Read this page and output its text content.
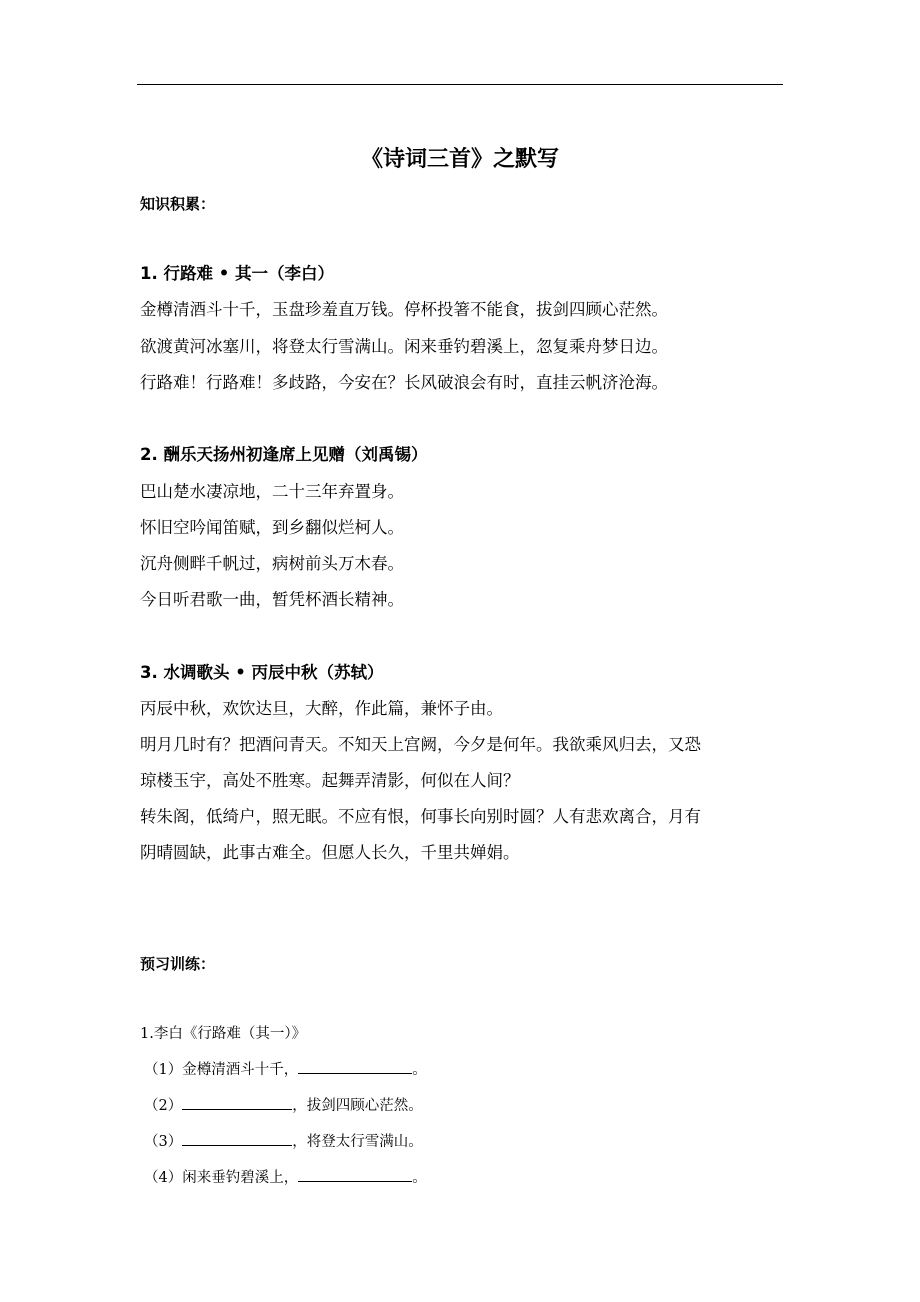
《诗词三首》之默写
知识积累：
1. 行路难 • 其一（李白）
金樽清酒斗十千，玉盘珍羞直万钱。停杯投箸不能食，拔剑四顾心茫然。
欲渡黄河冰塞川，将登太行雪满山。闲来垂钓碧溪上，忽复乘舟梦日边。
行路难！行路难！多歧路，今安在？长风破浪会有时，直挂云帆济沧海。
2. 酬乐天扬州初逢席上见赠（刘禹锡）
巴山楚水凄凉地，二十三年弃置身。
怀旧空吟闻笛赋，到乡翻似烂柯人。
沉舟侧畔千帆过，病树前头万木春。
今日听君歌一曲，暂凭杯酒长精神。
3. 水调歌头 • 丙辰中秋（苏轼）
丙辰中秋，欢饮达旦，大醉，作此篇，兼怀子由。
明月几时有？把酒问青天。不知天上宫阙，今夕是何年。我欲乘风归去，又恐
琼楼玉宇，高处不胜寒。起舞弄清影，何似在人间？
转朱阁，低绮户，照无眠。不应有恨，何事长向别时圆？人有悲欢离合，月有
阴晴圆缺，此事古难全。但愿人长久，千里共婵娟。
预习训练：
1.李白《行路难（其一）》
（1）金樽清酒斗十千，	。
（2）	，拔剑四顾心茫然。
（3）	，将登太行雪满山。
（4）闲来垂钓碧溪上，	。
